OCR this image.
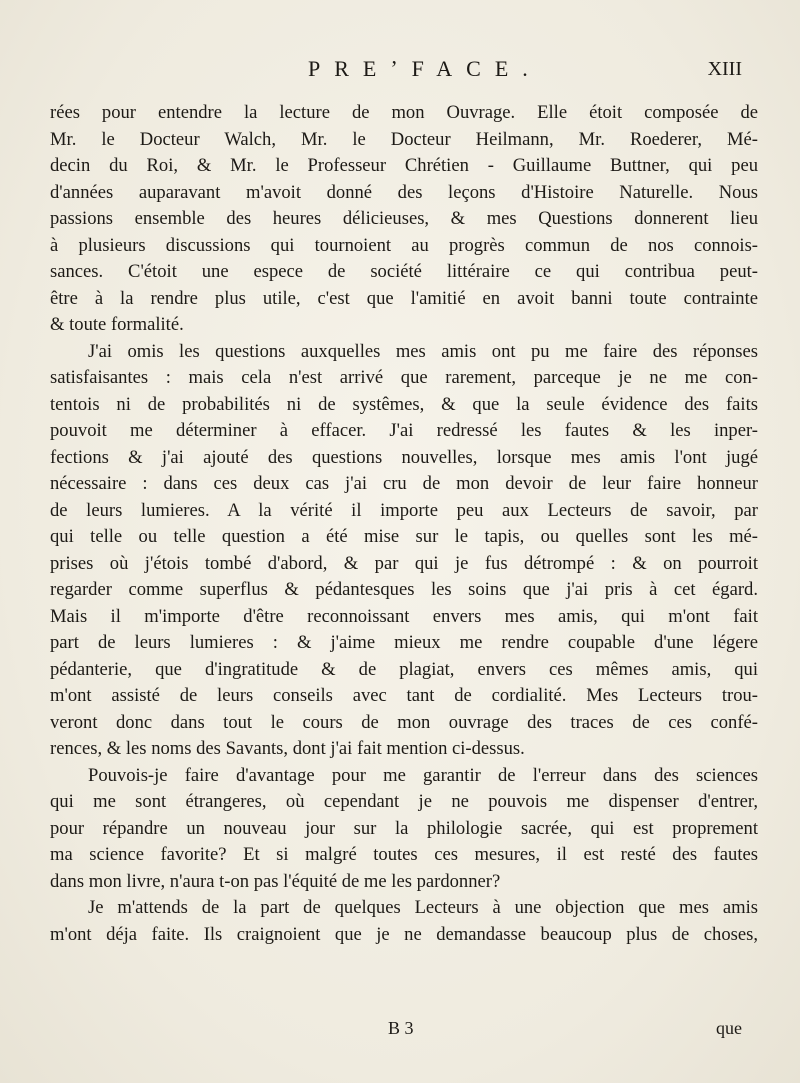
PREʼFACE.	XIII
rées pour entendre la lecture de mon Ouvrage. Elle étoit composée de
Mr. le Docteur Walch, Mr. le Docteur Heilmann, Mr. Roederer, Mé-
decin du Roi, & Mr. le Professeur Chrétien - Guillaume Buttner, qui peu
d'années auparavant m'avoit donné des leçons d'Histoire Naturelle. Nous
passions ensemble des heures délicieuses, & mes Questions donnerent lieu
à plusieurs discussions qui tournoient au progrès commun de nos connois-
sances. C'étoit une espece de société littéraire ce qui contribua peut-
être à la rendre plus utile, c'est que l'amitié en avoit banni toute contrainte
& toute formalité.
J'ai omis les questions auxquelles mes amis ont pu me faire des réponses
satisfaisantes : mais cela n'est arrivé que rarement, parceque je ne me con-
tentois ni de probabilités ni de systêmes, & que la seule évidence des faits
pouvoit me déterminer à effacer. J'ai redressé les fautes & les inper-
fections & j'ai ajouté des questions nouvelles, lorsque mes amis l'ont jugé
nécessaire : dans ces deux cas j'ai cru de mon devoir de leur faire honneur
de leurs lumieres. A la vérité il importe peu aux Lecteurs de savoir, par
qui telle ou telle question a été mise sur le tapis, ou quelles sont les mé-
prises où j'étois tombé d'abord, & par qui je fus détrompé : & on pourroit
regarder comme superflus & pédantesques les soins que j'ai pris à cet égard.
Mais il m'importe d'être reconnoissant envers mes amis, qui m'ont fait
part de leurs lumieres : & j'aime mieux me rendre coupable d'une légere
pédanterie, que d'ingratitude & de plagiat, envers ces mêmes amis, qui
m'ont assisté de leurs conseils avec tant de cordialité. Mes Lecteurs trou-
veront donc dans tout le cours de mon ouvrage des traces de ces confé-
rences, & les noms des Savants, dont j'ai fait mention ci-dessus.
Pouvois-je faire d'avantage pour me garantir de l'erreur dans des sciences
qui me sont étrangeres, où cependant je ne pouvois me dispenser d'entrer,
pour répandre un nouveau jour sur la philologie sacrée, qui est proprement
ma science favorite? Et si malgré toutes ces mesures, il est resté des fautes
dans mon livre, n'aura t-on pas l'équité de me les pardonner?
Je m'attends de la part de quelques Lecteurs à une objection que mes amis
m'ont déja faite. Ils craignoient que je ne demandasse beaucoup plus de choses,
B 3	que
